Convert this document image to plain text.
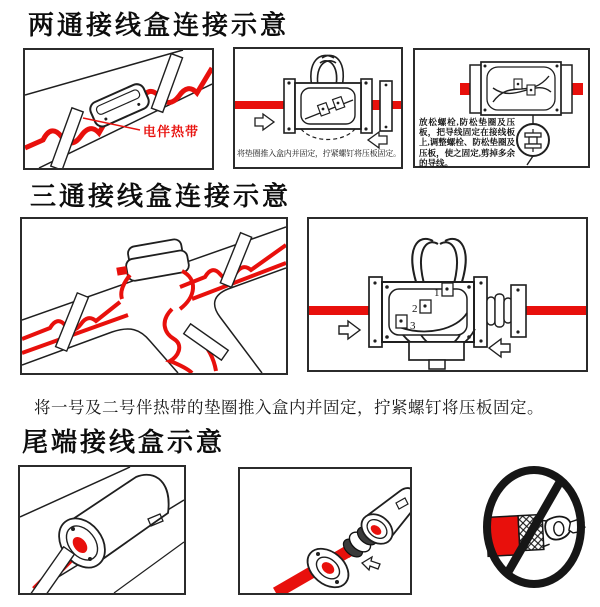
两通接线盒连接示意
电伴热带
将垫圈推入盒内并固定，拧紧螺钉将压板固定。
放松螺栓,防松垫圈及压板，把导线固定在接线板上,调整螺栓、防松垫圈及压板，使之固定,剪掉多余的导线。
三通接线盒连接示意
1
2
3
将一号及二号伴热带的垫圈推入盒内并固定，拧紧螺钉将压板固定。
尾端接线盒示意
